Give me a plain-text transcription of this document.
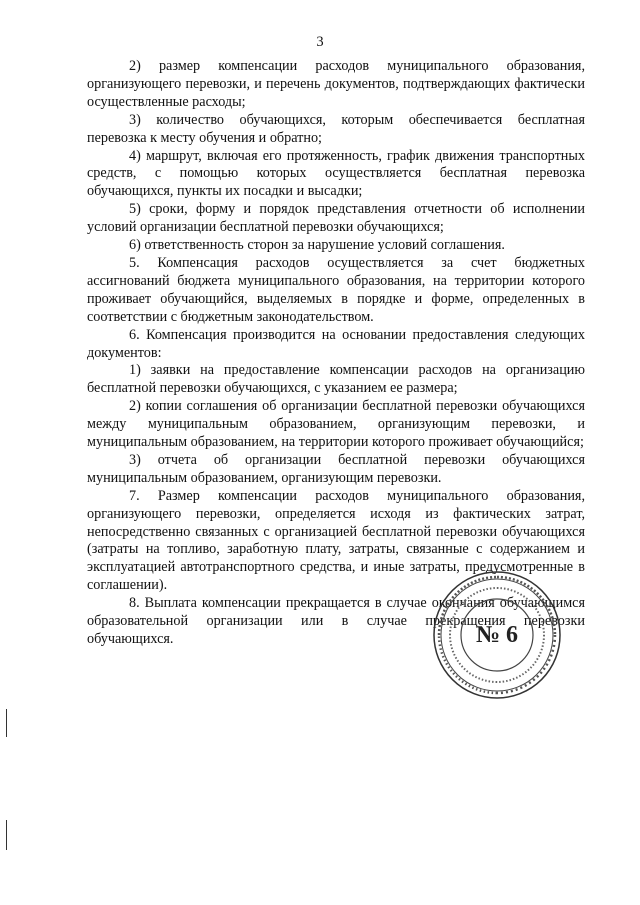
3

2) размер компенсации расходов муниципального образования, организующего перевозки, и перечень документов, подтверждающих фактически осуществленные расходы;

3) количество обучающихся, которым обеспечивается бесплатная перевозка к месту обучения и обратно;

4) маршрут, включая его протяженность, график движения транспортных средств, с помощью которых осуществляется бесплатная перевозка обучающихся, пункты их посадки и высадки;

5) сроки, форму и порядок представления отчетности об исполнении условий организации бесплатной перевозки обучающихся;

6) ответственность сторон за нарушение условий соглашения.

5. Компенсация расходов осуществляется за счет бюджетных ассигнований бюджета муниципального образования, на территории которого проживает обучающийся, выделяемых в порядке и форме, определенных в соответствии с бюджетным законодательством.

6. Компенсация производится на основании предоставления следующих документов:

1) заявки на предоставление компенсации расходов на организацию бесплатной перевозки обучающихся, с указанием ее размера;

2) копии соглашения об организации бесплатной перевозки обучающихся между муниципальным образованием, организующим перевозки, и муниципальным образованием, на территории которого проживает обучающийся;

3) отчета об организации бесплатной перевозки обучающихся муниципальным образованием, организующим перевозки.

7. Размер компенсации расходов муниципального образования, организующего перевозки, определяется исходя из фактических затрат, непосредственно связанных с организацией бесплатной перевозки обучающихся (затраты на топливо, заработную плату, затраты, связанные с содержанием и эксплуатацией автотранспортного средства, и иные затраты, предусмотренные в соглашении).

8. Выплата компенсации прекращается в случае окончания обучающимся образовательной организации или в случае прекращения перевозки обучающихся.	№ 6
